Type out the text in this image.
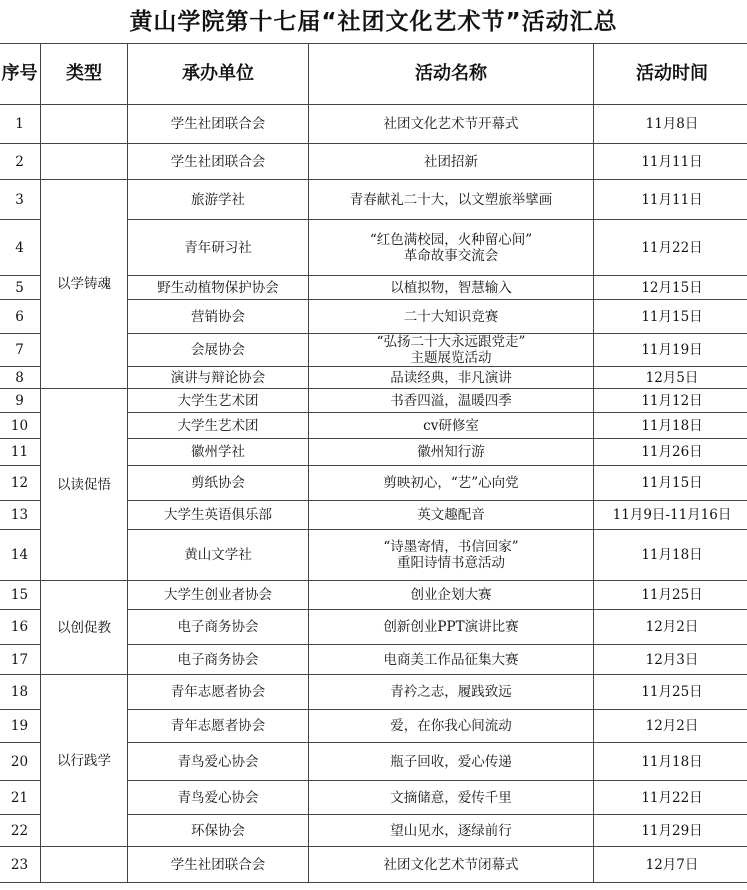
黄山学院第十七届“社团文化艺术节”活动汇总
序号	类型	承办单位	活动名称	活动时间
1		学生社团联合会	社团文化艺术节开幕式	11月8日
2		学生社团联合会	社团招新	11月11日
3	以学铸魂	旅游学社	青春献礼二十大，以文塑旅举擘画	11月11日
4		青年研习社	“红色满校园，火种留心间”
革命故事交流会	11月22日
5		野生动植物保护协会	以植拟物，智慧输入	12月15日
6		营销协会	二十大知识竞赛	11月15日
7		会展协会	“弘扬二十大永远跟党走”
主题展览活动	11月19日
8		演讲与辩论协会	品读经典，非凡演讲	12月5日
9	以读促悟	大学生艺术团	书香四溢，温暖四季	11月12日
10		大学生艺术团	cv研修室	11月18日
11		徽州学社	徽州知行游	11月26日
12		剪纸协会	剪映初心，“艺”心向党	11月15日
13		大学生英语俱乐部	英文趣配音	11月9日-11月16日
14		黄山文学社	“诗墨寄情，书信回家”
重阳诗情书意活动	11月18日
15	以创促教	大学生创业者协会	创业企划大赛	11月25日
16		电子商务协会	创新创业PPT演讲比赛	12月2日
17		电子商务协会	电商美工作品征集大赛	12月3日
18	以行践学	青年志愿者协会	青衿之志，履践致远	11月25日
19		青年志愿者协会	爱，在你我心间流动	12月2日
20		青鸟爱心协会	瓶子回收，爱心传递	11月18日
21		青鸟爱心协会	文摘储意，爱传千里	11月22日
22		环保协会	望山见水，逐绿前行	11月29日
23		学生社团联合会	社团文化艺术节闭幕式	12月7日
